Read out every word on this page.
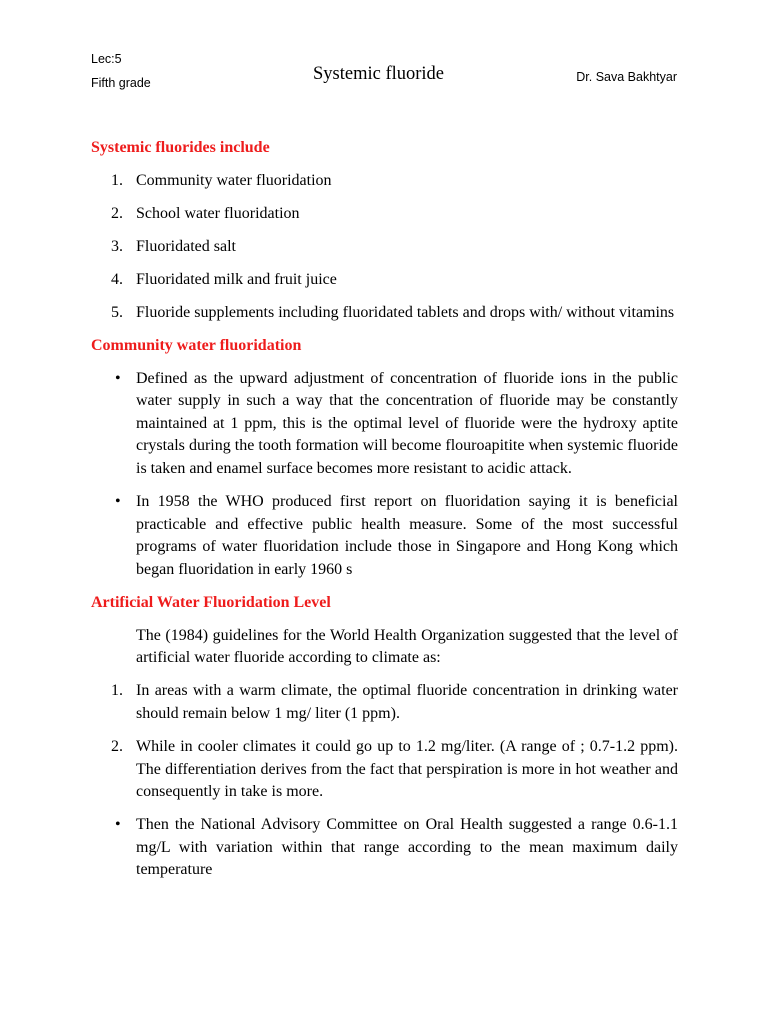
Lec:5
Fifth grade	Systemic fluoride	Dr. Sava Bakhtyar
Systemic fluorides include
1. Community water fluoridation
2. School water fluoridation
3. Fluoridated salt
4. Fluoridated milk and fruit juice
5. Fluoride supplements including fluoridated tablets and drops with/ without vitamins
Community water fluoridation
• Defined as the upward adjustment of concentration of fluoride ions in the public water supply in such a way that the concentration of fluoride may be constantly maintained at 1 ppm, this is the optimal level of fluoride were the hydroxy aptite crystals during the tooth formation will become flouroapitite when systemic fluoride is taken and enamel surface becomes more resistant to acidic attack.
• In 1958 the WHO produced first report on fluoridation saying it is beneficial practicable and effective public health measure. Some of the most successful programs of water fluoridation include those in Singapore and Hong Kong which began fluoridation in early 1960 s
Artificial Water Fluoridation Level
The (1984) guidelines for the World Health Organization suggested that the level of artificial water fluoride according to climate as:
1. In areas with a warm climate, the optimal fluoride concentration in drinking water should remain below 1 mg/ liter (1 ppm).
2. While in cooler climates it could go up to 1.2 mg/liter. (A range of ; 0.7-1.2 ppm). The differentiation derives from the fact that perspiration is more in hot weather and consequently in take is more.
• Then the National Advisory Committee on Oral Health suggested a range 0.6-1.1 mg/L with variation within that range according to the mean maximum daily temperature
